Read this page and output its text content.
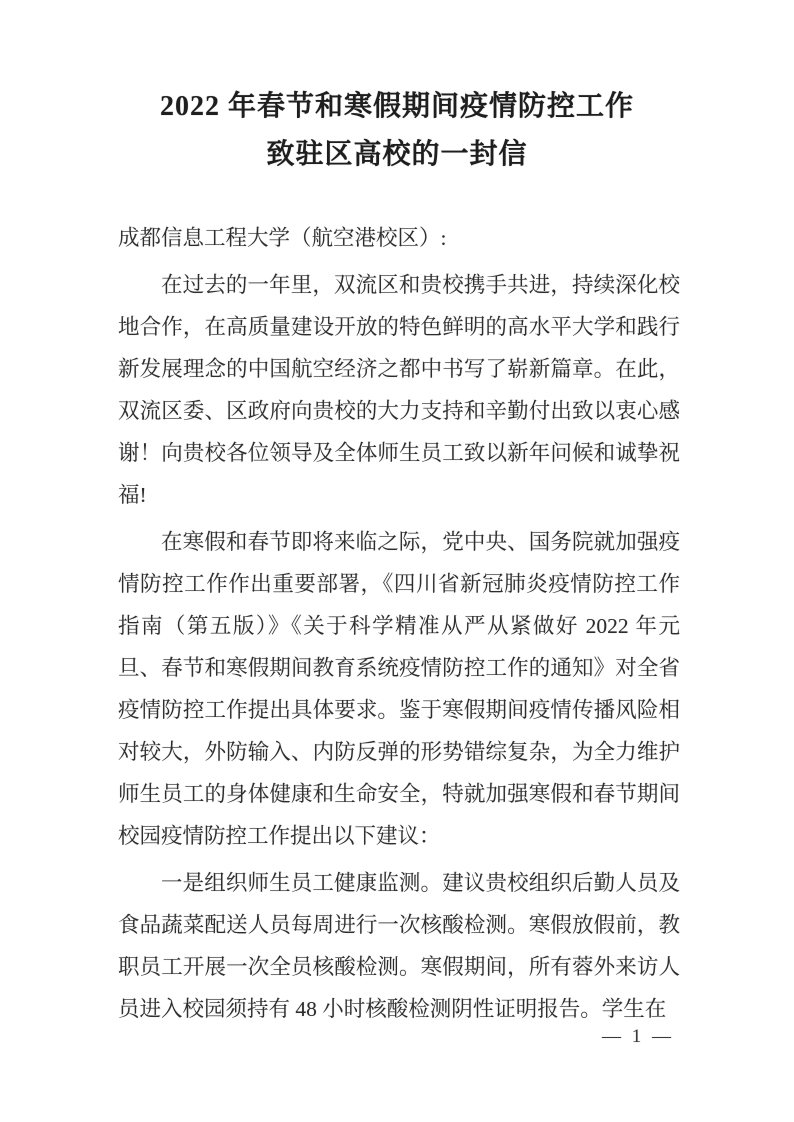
2022 年春节和寒假期间疫情防控工作
致驻区高校的一封信

成都信息工程大学（航空港校区）:

在过去的一年里，双流区和贵校携手共进，持续深化校地合作，在高质量建设开放的特色鲜明的高水平大学和践行新发展理念的中国航空经济之都中书写了崭新篇章。在此，双流区委、区政府向贵校的大力支持和辛勤付出致以衷心感谢！向贵校各位领导及全体师生员工致以新年问候和诚挚祝福!

在寒假和春节即将来临之际，党中央、国务院就加强疫情防控工作作出重要部署，《四川省新冠肺炎疫情防控工作指南（第五版）》《关于科学精准从严从紧做好 2022 年元旦、春节和寒假期间教育系统疫情防控工作的通知》对全省疫情防控工作提出具体要求。鉴于寒假期间疫情传播风险相对较大，外防输入、内防反弹的形势错综复杂，为全力维护师生员工的身体健康和生命安全，特就加强寒假和春节期间校园疫情防控工作提出以下建议：

一是组织师生员工健康监测。建议贵校组织后勤人员及食品蔬菜配送人员每周进行一次核酸检测。寒假放假前，教职员工开展一次全员核酸检测。寒假期间，所有蓉外来访人员进入校园须持有 48 小时核酸检测阴性证明报告。学生在

— 1 —
